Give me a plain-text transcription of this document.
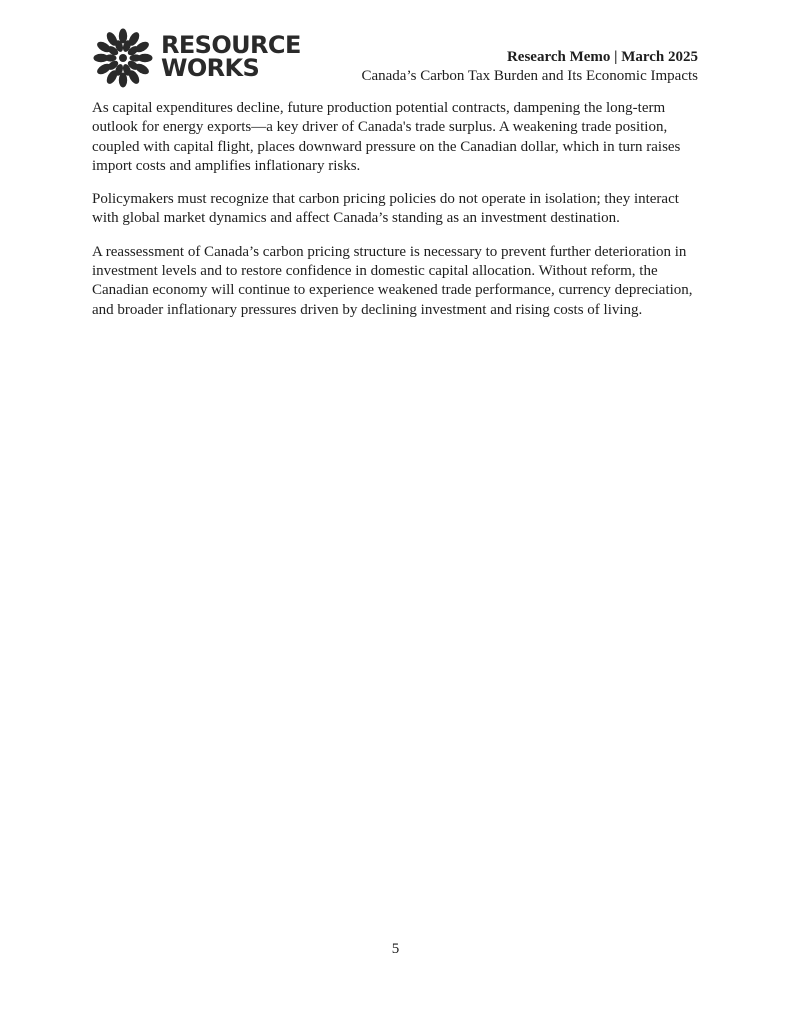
RESOURCE
WORKS	Research Memo | March 2025
Canada’s Carbon Tax Burden and Its Economic Impacts

As capital expenditures decline, future production potential contracts, dampening the long-term outlook for energy exports—a key driver of Canada's trade surplus. A weakening trade position, coupled with capital flight, places downward pressure on the Canadian dollar, which in turn raises import costs and amplifies inflationary risks.

Policymakers must recognize that carbon pricing policies do not operate in isolation; they interact with global market dynamics and affect Canada’s standing as an investment destination.

A reassessment of Canada’s carbon pricing structure is necessary to prevent further deterioration in investment levels and to restore confidence in domestic capital allocation. Without reform, the Canadian economy will continue to experience weakened trade performance, currency depreciation, and broader inflationary pressures driven by declining investment and rising costs of living.

5
